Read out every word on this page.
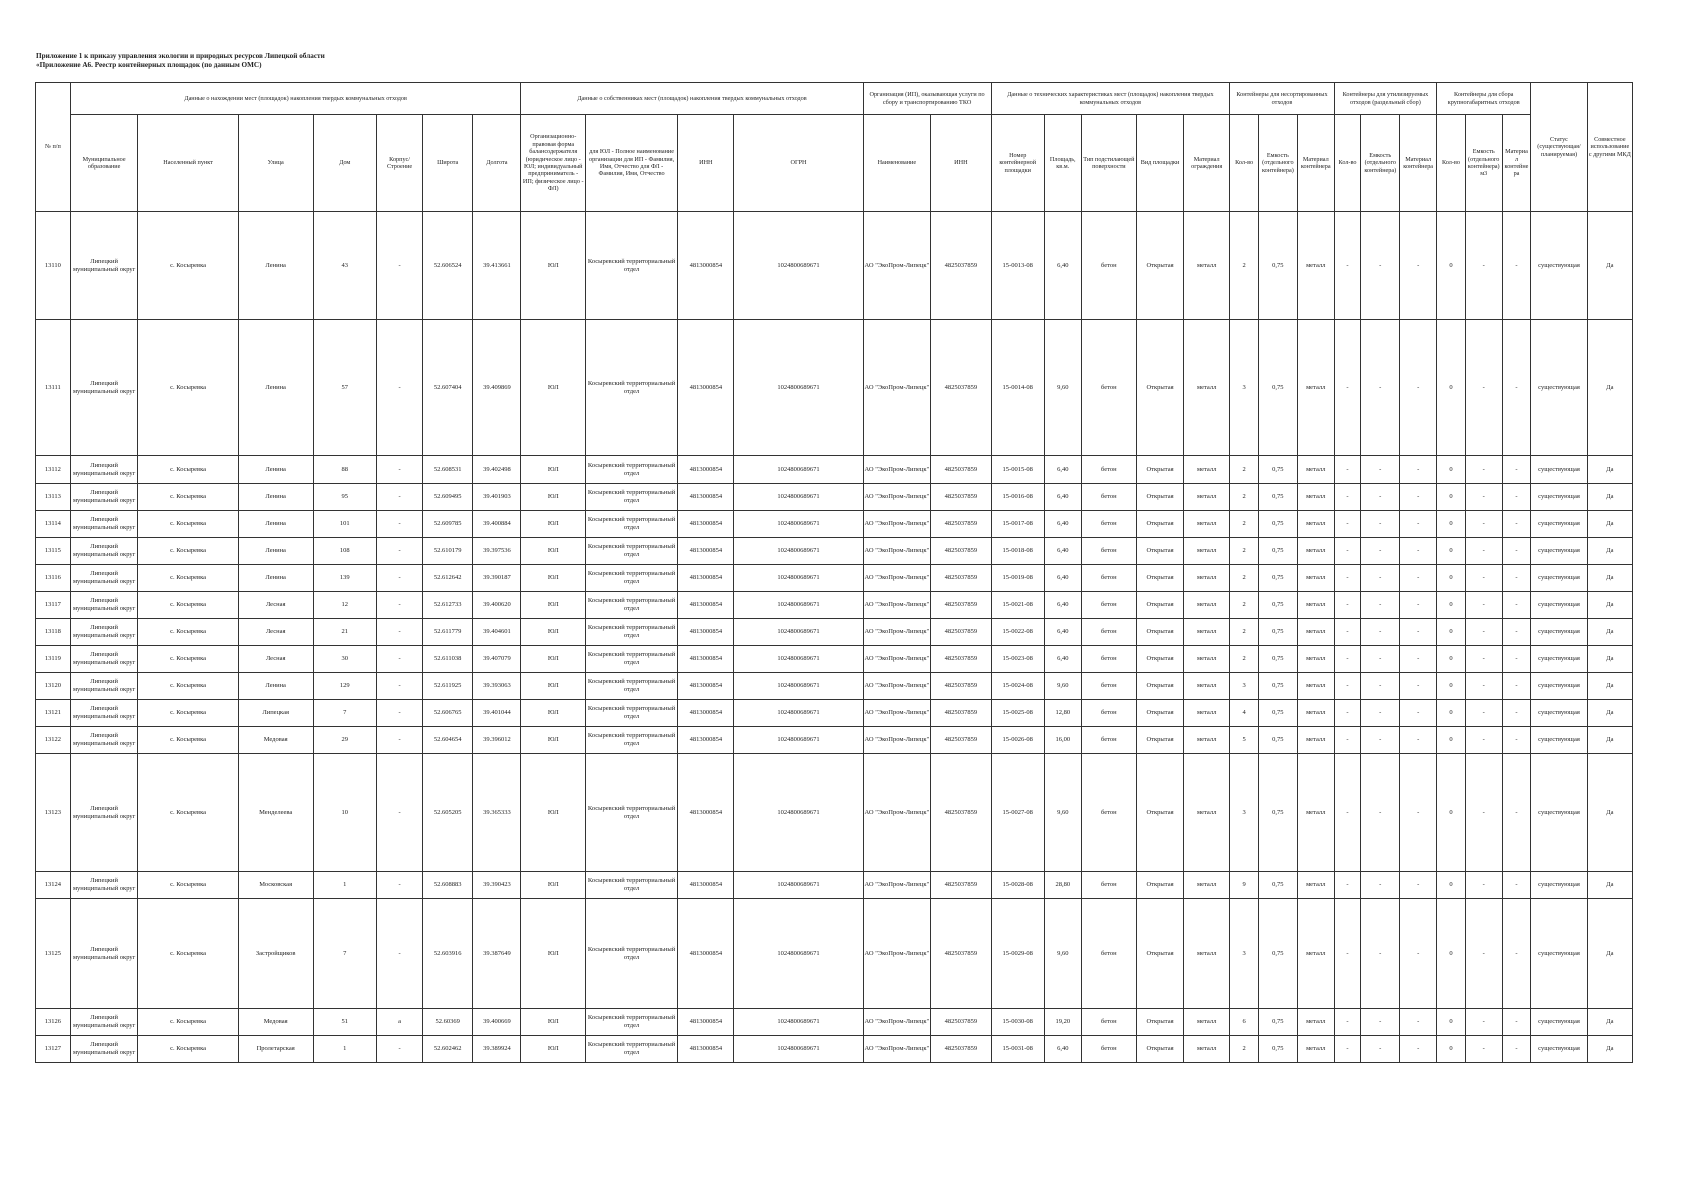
Приложение 1 к приказу управления экологии и природных ресурсов Липецкой области
«Приложение А6. Реестр контейнерных площадок (по данным ОМС)
№ п/п	Данные о нахождении мест (площадок) накопления твердых коммунальных отходов							Данные о собственниках мест (площадок) накопления твердых коммунальных отходов				Организация (ИП), оказывающая услуги по сбору и транспортированию ТКО		Данные о технических характеристиках мест (площадок) накопления твердых коммунальных отходов					Контейнеры для несортированных отходов			Контейнеры для утилизируемых отходов (раздельный сбор)			Контейнеры для сбора крупногабаритных отходов			Статус (существующая/ планируемая)	Совместное использование с другими МКД
	Муниципальное образование	Населенный пункт	Улица	Дом	Корпус/Строение	Широта	Долгота	Организационно-правовая форма балансодержателя (юридическое лицо - ЮЛ; индивидуальный предприниматель - ИП; физическое лицо - ФЛ)	для ЮЛ - Полное наименование организации для ИП - Фамилия, Имя, Отчество для ФЛ - Фамилия, Имя, Отчество	ИНН	ОГРН	Наименование	ИНН	Номер контейнерной площадки	Площадь, кв.м.	Тип подстилающей поверхности	Вид площадки	Материал ограждения	Кол-во	Емкость (отдельного контейнера)	Материал контейнера	Кол-во	Емкость (отдельного контейнера)	Материал контейнера	Кол-во	Емкость (отдельного контейнера) м3	Материал контейнера		
13110	Липецкий муниципальный округ	с. Косыревка	Ленина	43	-	52.606524	39.413661	ЮЛ	Косыревский территориальный отдел	4813000854	1024800689671	АО "ЭкоПром-Липецк"	4825037859	15-0013-08	6,40	бетон	Открытая	металл	2	0,75	металл	-	-	-	0	-	-	существующая	Да
13111	Липецкий муниципальный округ	с. Косыревка	Ленина	57	-	52.607404	39.409869	ЮЛ	Косыревский территориальный отдел	4813000854	1024800689671	АО "ЭкоПром-Липецк"	4825037859	15-0014-08	9,60	бетон	Открытая	металл	3	0,75	металл	-	-	-	0	-	-	существующая	Да
13112	Липецкий муниципальный округ	с. Косыревка	Ленина	88	-	52.608531	39.402498	ЮЛ	Косыревский территориальный отдел	4813000854	1024800689671	АО "ЭкоПром-Липецк"	4825037859	15-0015-08	6,40	бетон	Открытая	металл	2	0,75	металл	-	-	-	0	-	-	существующая	Да
13113	Липецкий муниципальный округ	с. Косыревка	Ленина	95	-	52.609495	39.401903	ЮЛ	Косыревский территориальный отдел	4813000854	1024800689671	АО "ЭкоПром-Липецк"	4825037859	15-0016-08	6,40	бетон	Открытая	металл	2	0,75	металл	-	-	-	0	-	-	существующая	Да
13114	Липецкий муниципальный округ	с. Косыревка	Ленина	101	-	52.609785	39.400884	ЮЛ	Косыревский территориальный отдел	4813000854	1024800689671	АО "ЭкоПром-Липецк"	4825037859	15-0017-08	6,40	бетон	Открытая	металл	2	0,75	металл	-	-	-	0	-	-	существующая	Да
13115	Липецкий муниципальный округ	с. Косыревка	Ленина	108	-	52.610179	39.397536	ЮЛ	Косыревский территориальный отдел	4813000854	1024800689671	АО "ЭкоПром-Липецк"	4825037859	15-0018-08	6,40	бетон	Открытая	металл	2	0,75	металл	-	-	-	0	-	-	существующая	Да
13116	Липецкий муниципальный округ	с. Косыревка	Ленина	139	-	52.612642	39.390187	ЮЛ	Косыревский территориальный отдел	4813000854	1024800689671	АО "ЭкоПром-Липецк"	4825037859	15-0019-08	6,40	бетон	Открытая	металл	2	0,75	металл	-	-	-	0	-	-	существующая	Да
13117	Липецкий муниципальный округ	с. Косыревка	Лесная	12	-	52.612733	39.400620	ЮЛ	Косыревский территориальный отдел	4813000854	1024800689671	АО "ЭкоПром-Липецк"	4825037859	15-0021-08	6,40	бетон	Открытая	металл	2	0,75	металл	-	-	-	0	-	-	существующая	Да
13118	Липецкий муниципальный округ	с. Косыревка	Лесная	21	-	52.611779	39.404601	ЮЛ	Косыревский территориальный отдел	4813000854	1024800689671	АО "ЭкоПром-Липецк"	4825037859	15-0022-08	6,40	бетон	Открытая	металл	2	0,75	металл	-	-	-	0	-	-	существующая	Да
13119	Липецкий муниципальный округ	с. Косыревка	Лесная	30	-	52.611038	39.407079	ЮЛ	Косыревский территориальный отдел	4813000854	1024800689671	АО "ЭкоПром-Липецк"	4825037859	15-0023-08	6,40	бетон	Открытая	металл	2	0,75	металл	-	-	-	0	-	-	существующая	Да
13120	Липецкий муниципальный округ	с. Косыревка	Ленина	129	-	52.611925	39.393063	ЮЛ	Косыревский территориальный отдел	4813000854	1024800689671	АО "ЭкоПром-Липецк"	4825037859	15-0024-08	9,60	бетон	Открытая	металл	3	0,75	металл	-	-	-	0	-	-	существующая	Да
13121	Липецкий муниципальный округ	с. Косыревка	Липецкая	7	-	52.606765	39.401044	ЮЛ	Косыревский территориальный отдел	4813000854	1024800689671	АО "ЭкоПром-Липецк"	4825037859	15-0025-08	12,80	бетон	Открытая	металл	4	0,75	металл	-	-	-	0	-	-	существующая	Да
13122	Липецкий муниципальный округ	с. Косыревка	Медовая	29	-	52.604654	39.396012	ЮЛ	Косыревский территориальный отдел	4813000854	1024800689671	АО "ЭкоПром-Липецк"	4825037859	15-0026-08	16,00	бетон	Открытая	металл	5	0,75	металл	-	-	-	0	-	-	существующая	Да
13123	Липецкий муниципальный округ	с. Косыревка	Менделеева	10	-	52.605205	39.365333	ЮЛ	Косыревский территориальный отдел	4813000854	1024800689671	АО "ЭкоПром-Липецк"	4825037859	15-0027-08	9,60	бетон	Открытая	металл	3	0,75	металл	-	-	-	0	-	-	существующая	Да
13124	Липецкий муниципальный округ	с. Косыревка	Московская	1	-	52.608883	39.390423	ЮЛ	Косыревский территориальный отдел	4813000854	1024800689671	АО "ЭкоПром-Липецк"	4825037859	15-0028-08	28,80	бетон	Открытая	металл	9	0,75	металл	-	-	-	0	-	-	существующая	Да
13125	Липецкий муниципальный округ	с. Косыревка	Застройщиков	7	-	52.603916	39.387649	ЮЛ	Косыревский территориальный отдел	4813000854	1024800689671	АО "ЭкоПром-Липецк"	4825037859	15-0029-08	9,60	бетон	Открытая	металл	3	0,75	металл	-	-	-	0	-	-	существующая	Да
13126	Липецкий муниципальный округ	с. Косыревка	Медовая	51	а	52.60369	39.400669	ЮЛ	Косыревский территориальный отдел	4813000854	1024800689671	АО "ЭкоПром-Липецк"	4825037859	15-0030-08	19,20	бетон	Открытая	металл	6	0,75	металл	-	-	-	0	-	-	существующая	Да
13127	Липецкий муниципальный округ	с. Косыревка	Пролетарская	1	-	52.602462	39.389924	ЮЛ	Косыревский территориальный отдел	4813000854	1024800689671	АО "ЭкоПром-Липецк"	4825037859	15-0031-08	6,40	бетон	Открытая	металл	2	0,75	металл	-	-	-	0	-	-	существующая	Да
